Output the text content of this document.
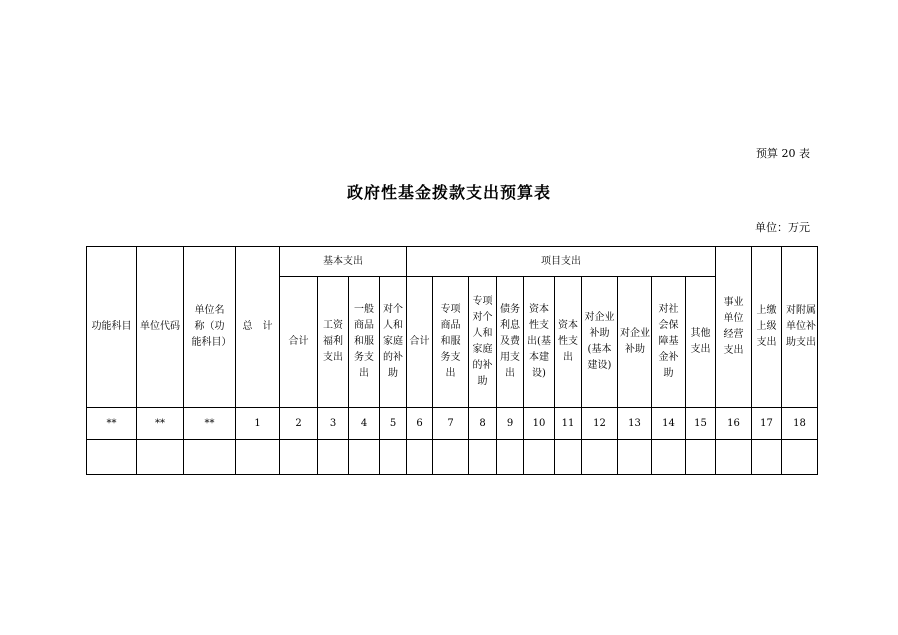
预算 20 表
政府性基金拨款支出预算表
单位：万元
功能科目	单位代码	单位名称（功能科目）	总　计	基本支出				项目支出										事业单位经营支出	上缴上级支出	对附属单位补助支出
				合计	工资福利支出	一般商品和服务支出	对个人和家庭的补助	合计	专项商品和服务支出	专项对个人和家庭的补助	债务利息及费用支出	资本性支出(基本建设)	资本性支出	对企业补助(基本建设)	对企业补助	对社会保障基金补助	其他支出			
**	**	**	1	2	3	4	5	6	7	8	9	10	11	12	13	14	15	16	17	18
